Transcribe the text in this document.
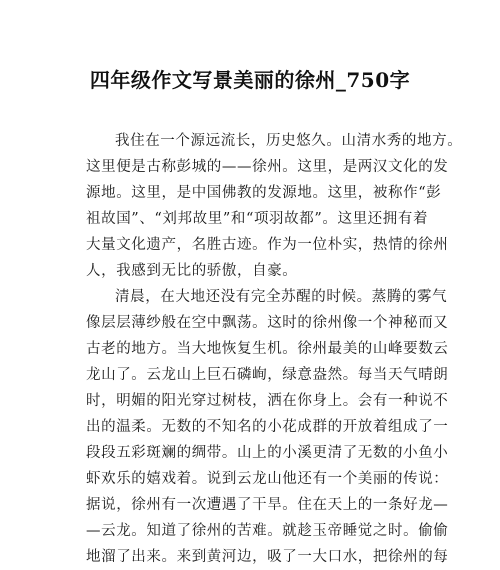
四年级作文写景美丽的徐州_750字
我住在一个源远流长，历史悠久。山清水秀的地方。
这里便是古称彭城的——徐州。这里，是两汉文化的发
源地。这里，是中国佛教的发源地。这里，被称作“彭
祖故国”、“刘邦故里”和“项羽故都”。这里还拥有着
大量文化遗产，名胜古迹。作为一位朴实，热情的徐州
人，我感到无比的骄傲，自豪。
清晨，在大地还没有完全苏醒的时候。蒸腾的雾气
像层层薄纱般在空中飘荡。这时的徐州像一个神秘而又
古老的地方。当大地恢复生机。徐州最美的山峰要数云
龙山了。云龙山上巨石磷峋，绿意盎然。每当天气晴朗
时，明媚的阳光穿过树枝，洒在你身上。会有一种说不
出的温柔。无数的不知名的小花成群的开放着组成了一
段段五彩斑斓的绸带。山上的小溪更清了无数的小鱼小
虾欢乐的嬉戏着。说到云龙山他还有一个美丽的传说：
据说，徐州有一次遭遇了干旱。住在天上的一条好龙—
—云龙。知道了徐州的苦难。就趁玉帝睡觉之时。偷偷
地溜了出来。来到黄河边，吸了一大口水，把徐州的每
